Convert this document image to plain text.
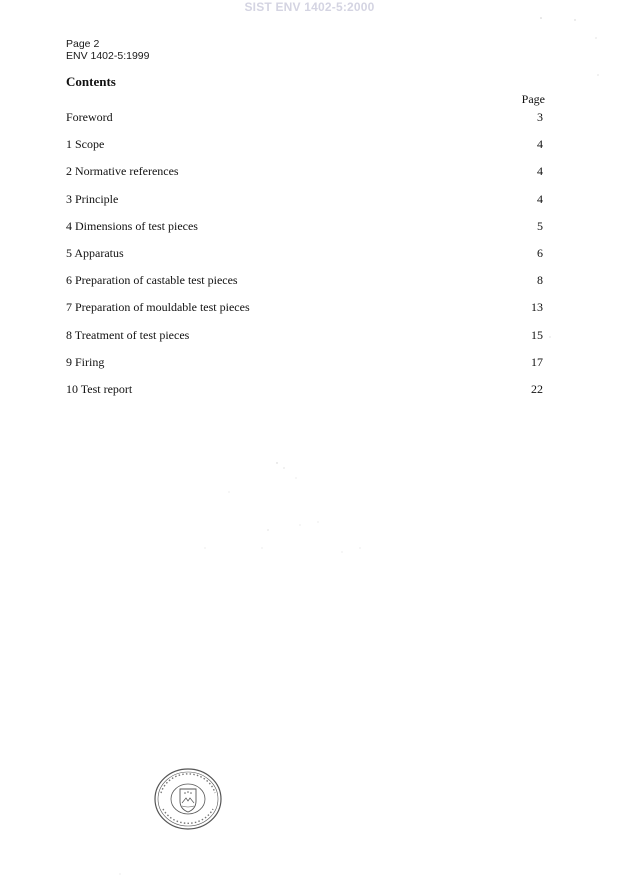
SIST ENV 1402-5:2000
Page 2
ENV 1402-5:1999
Contents
Page
Foreword	3
1 Scope	4
2 Normative references	4
3 Principle	4
4 Dimensions of test pieces	5
5 Apparatus	6
6 Preparation of castable test pieces	8
7 Preparation of mouldable test pieces	13
8 Treatment of test pieces	15
9 Firing	17
10 Test report	22
